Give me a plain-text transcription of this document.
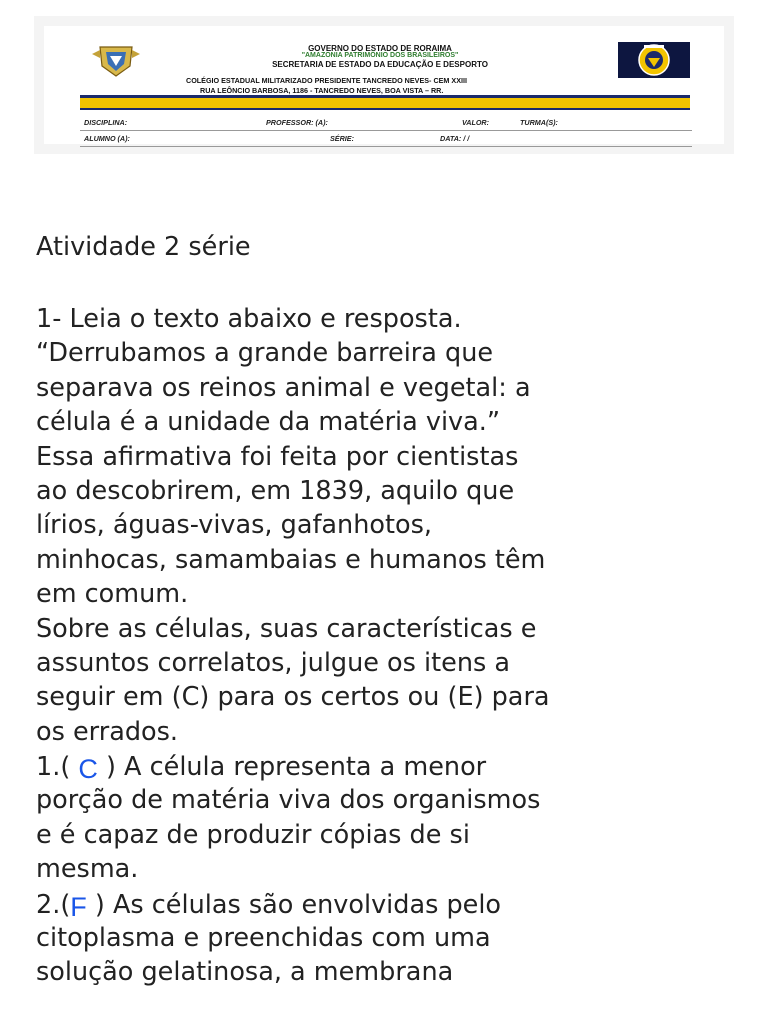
GOVERNO DO ESTADO DE RORAIMA
"AMAZONIA PATRIMÔNIO DOS BRASILEIROS"
SECRETARIA DE ESTADO DA EDUCAÇÃO E DESPORTO
COLÉGIO ESTADUAL MILITARIZADO PRESIDENTE TANCREDO NEVES- CEM XXIII
RUA LEÔNCIO BARBOSA, 1186 - TANCREDO NEVES, BOA VISTA – RR.
DISCIPLINA:	PROFESSOR: (A):	VALOR:	TURMA(S):
ALUMNO (A):	SÉRIE:	DATA: / /
Atividade 2 série
1- Leia o texto abaixo e resposta.
“Derrubamos a grande barreira que
separava os reinos animal e vegetal: a
célula é a unidade da matéria viva.”
Essa afirmativa foi feita por cientistas
ao descobrirem, em 1839, aquilo que
lírios, águas-vivas, gafanhotos,
minhocas, samambaias e humanos têm
em comum.
Sobre as células, suas características e
assuntos correlatos, julgue os itens a
seguir em (C) para os certos ou (E) para
os errados.
1.( C ) A célula representa a menor
porção de matéria viva dos organismos
e é capaz de produzir cópias de si
mesma.
2.(F ) As células são envolvidas pelo
citoplasma e preenchidas com uma
solução gelatinosa, a membrana
